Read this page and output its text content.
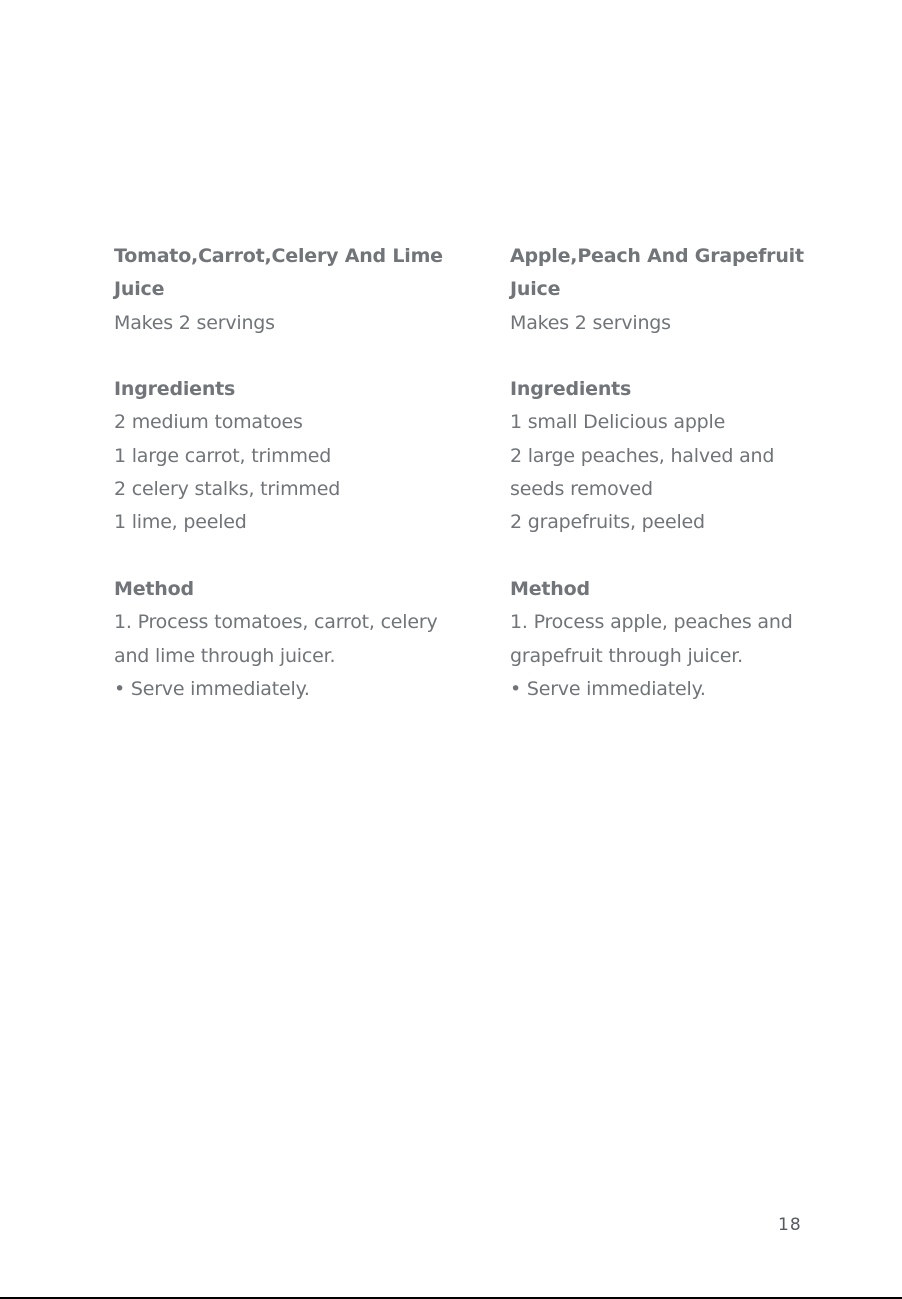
Tomato,Carrot,Celery And Lime Juice
Makes 2 servings
Ingredients
2 medium tomatoes
1 large carrot, trimmed
2 celery stalks, trimmed
1 lime, peeled
Method
1. Process tomatoes, carrot, celery and lime through juicer.
• Serve immediately.
Apple,Peach And Grapefruit Juice
Makes 2 servings
Ingredients
1 small Delicious apple
2 large peaches, halved and seeds removed
2 grapefruits, peeled
Method
1. Process apple, peaches and grapefruit through juicer.
• Serve immediately.
18
